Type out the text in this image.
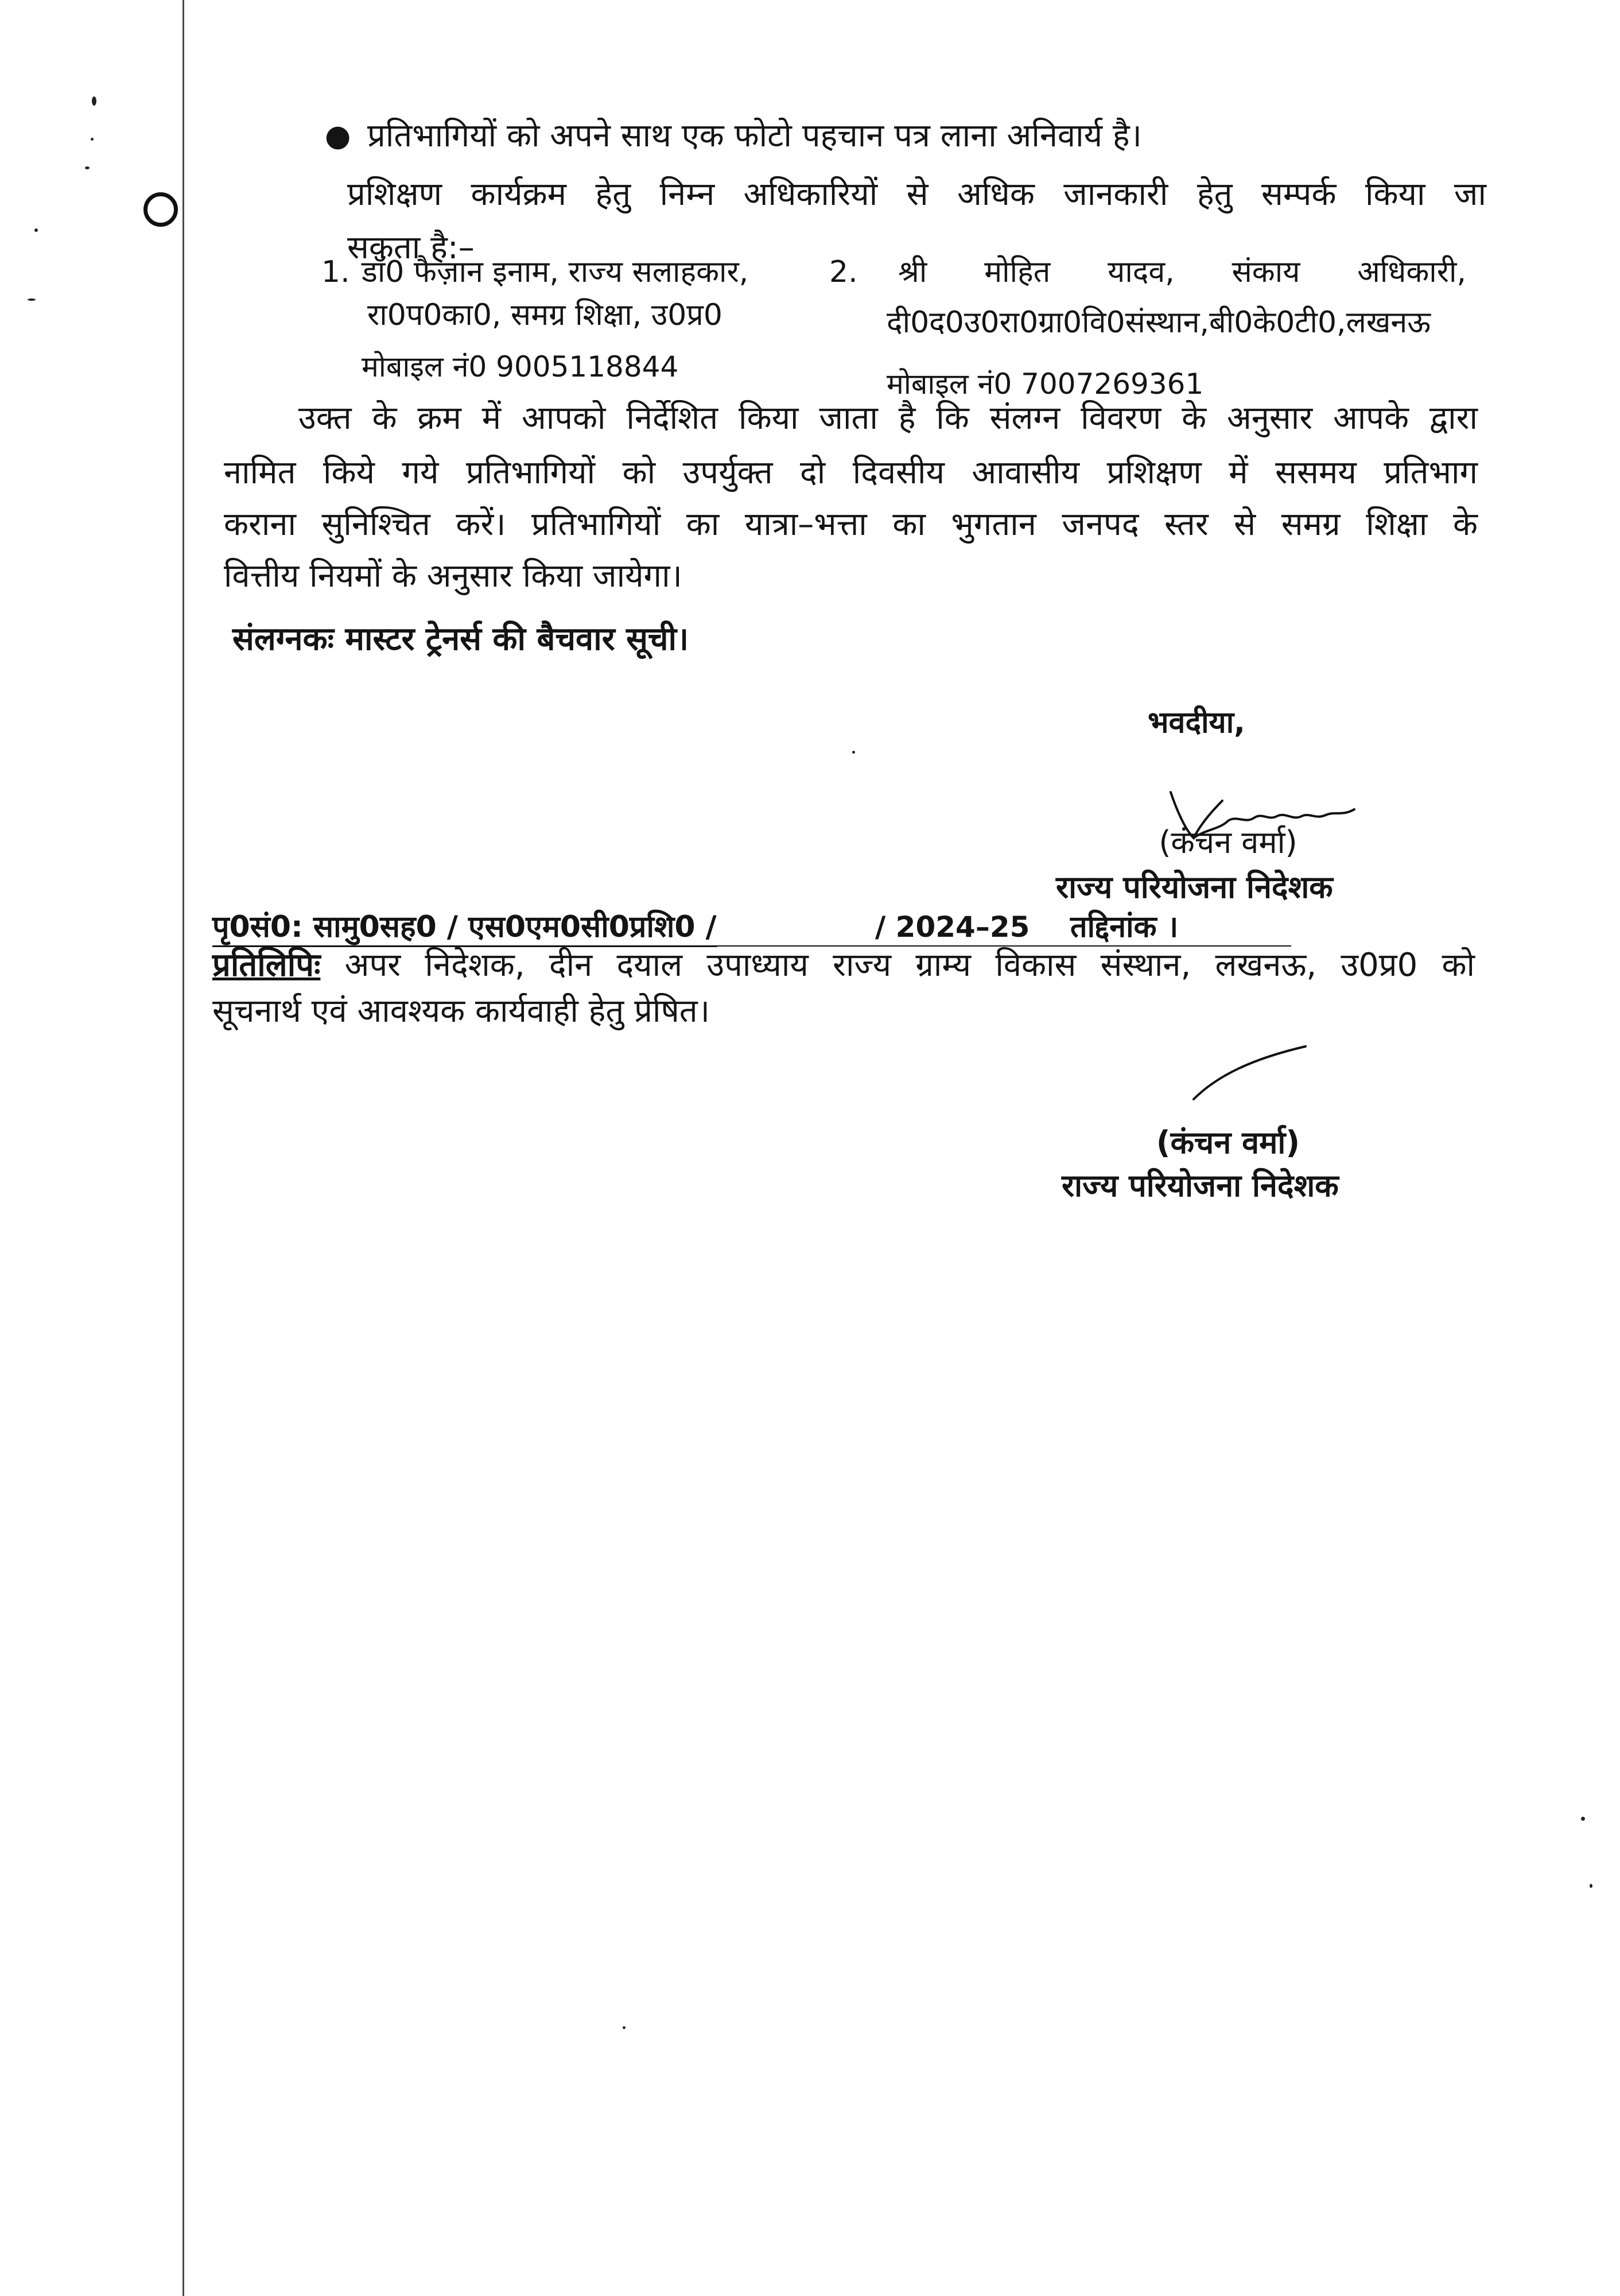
● प्रतिभागियों को अपने साथ एक फोटो पहचान पत्र लाना अनिवार्य है।
प्रशिक्षण कार्यक्रम हेतु निम्न अधिकारियों से अधिक जानकारी हेतु सम्पर्क किया जा
सकता है:–
1. डॉ0 फैज़ान इनाम, राज्य सलाहकार,
रा0प0का0, समग्र शिक्षा, उ0प्र0
मोबाइल नं0 9005118844
2. श्री मोहित यादव, संकाय अधिकारी,
दी0द0उ0रा0ग्रा0वि0संस्थान,बी0के0टी0,लखनऊ
मोबाइल नं0 7007269361
उक्त के क्रम में आपको निर्देशित किया जाता है कि संलग्न विवरण के अनुसार आपके द्वारा
नामित किये गये प्रतिभागियों को उपर्युक्त दो दिवसीय आवासीय प्रशिक्षण में ससमय प्रतिभाग
कराना सुनिश्चित करें। प्रतिभागियों का यात्रा–भत्ता का भुगतान जनपद स्तर से समग्र शिक्षा के
वित्तीय नियमों के अनुसार किया जायेगा।
संलग्नकः मास्टर ट्रेनर्स की बैचवार सूची।
भवदीया,
(कंचन वर्मा)
राज्य परियोजना निदेशक
पृ0सं0: सामु0सह0 / एस0एम0सी0प्रशि0 /	/ 2024–25 तद्दिनांक ।
प्रतिलिपिः अपर निदेशक, दीन दयाल उपाध्याय राज्य ग्राम्य विकास संस्थान, लखनऊ, उ0प्र0 को
सूचनार्थ एवं आवश्यक कार्यवाही हेतु प्रेषित।
(कंचन वर्मा)
राज्य परियोजना निदेशक
